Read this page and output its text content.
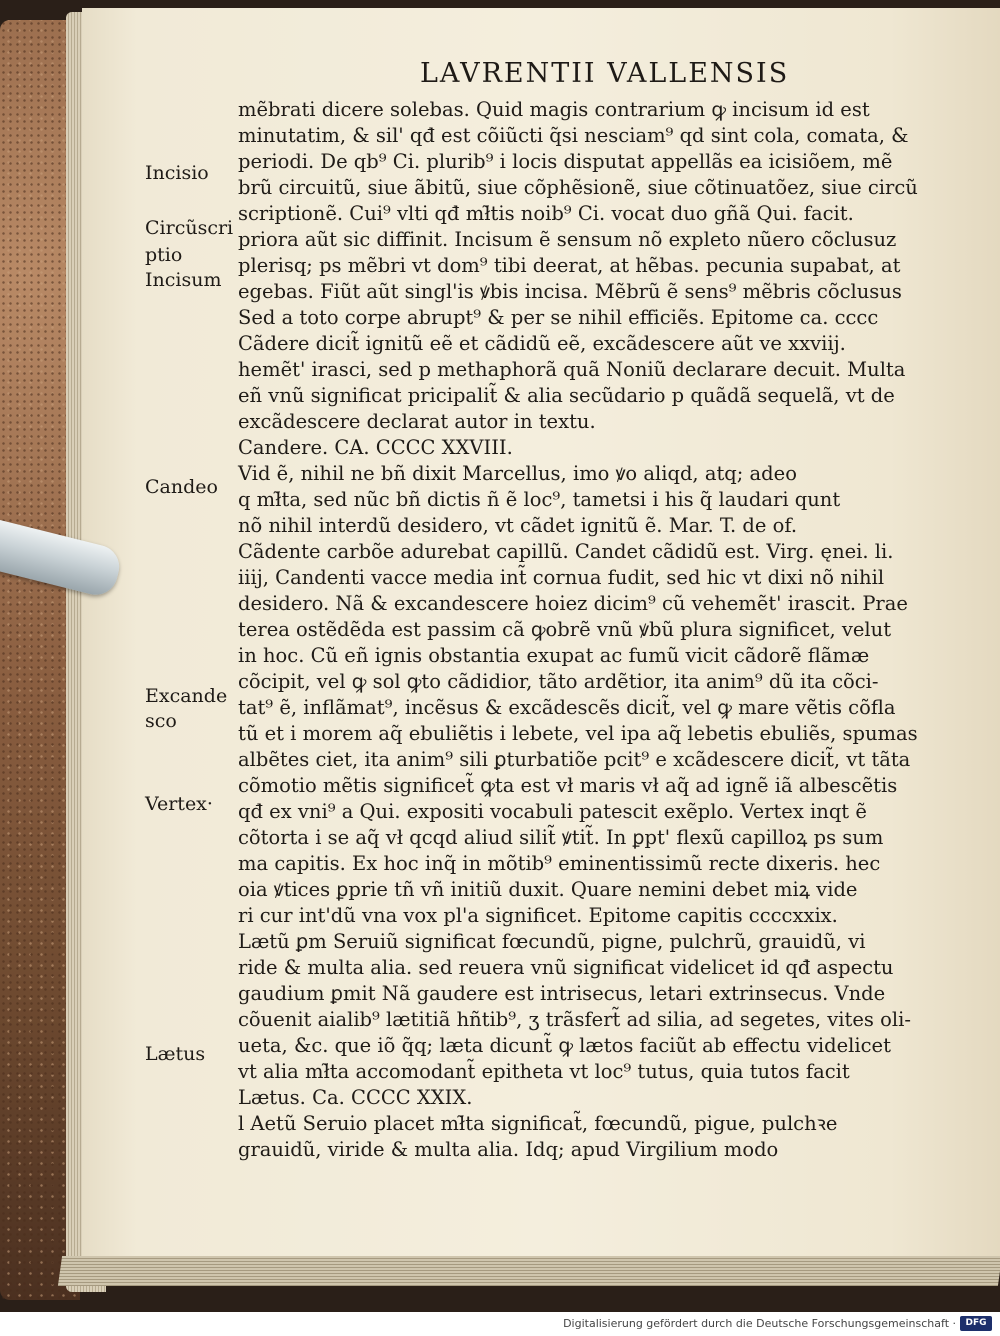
LAVRENTII VALLENSIS
Incisio
Circũscri
ptio
Incisum
Candeo
Excande
sco
Vertex·
Lætus
mẽbrati dicere solebas. Quid magis contrarium ꝙ incisum id est
minutatim, & sil' qđ est cõiũcti q̃si nesciam⁹ qd sint cola, comata, &
periodi. De qb⁹ Ci. plurib⁹ i locis disputat appellãs ea icisiõem, mẽ
brũ circuitũ, siue ãbitũ, siue cõphẽsionẽ, siue cõtinuatõez, siue circũ
scriptionẽ. Cui⁹ vlti qđ mł̃tis noib⁹ Ci. vocat duo gñã Qui. facit.
priora aũt sic diffinit. Incisum ẽ sensum nõ expleto nũero cõclusuz
plerisq; ps mẽbri vt dom⁹ tibi deerat, at hẽbas. pecunia supabat, at
egebas. Fiũt aũt singl'is ꝟbis incisa. Mẽbrũ ẽ sens⁹ mẽbris cõclusus
Sed a toto corpe abrupt⁹ & per se nihil efficiẽs. Epitome ca. cccc
Cãdere dicit̃ ignitũ eẽ et cãdidũ eẽ, excãdescere aũt ve xxviij.
hemẽt' irasci, sed p methaphorã quã Noniũ declarare decuit. Multa
eñ vnũ significat pricipalit̃ & alia secũdario p quãdã sequelã, vt de
excãdescere declarat autor in textu.
Candere. CA. CCCC XXVIII.
Vid ẽ, nihil ne bñ dixit Marcellus, imo ꝟo aliqd, atq; adeo
q mł̃ta, sed nũc bñ dictis ñ ẽ loc⁹, tametsi i his q̃ laudari qunt
nõ nihil interdũ desidero, vt cãdet ignitũ ẽ. Mar. T. de of.
Cãdente carbõe adurebat capillũ. Candet cãdidũ est. Virg. ęnei. li.
iiij, Candenti vacce media int̃ cornua fudit, sed hic vt dixi nõ nihil
desidero. Nã & excandescere hoiez dicim⁹ cũ vehemẽt' irascit. Prae
terea ostẽdẽda est passim cã ꝙobrẽ vnũ ꝟbũ plura significet, velut
in hoc. Cũ eñ ignis obstantia exupat ac fumũ vicit cãdorẽ flãmæ
cõcipit, vel ꝙ sol ꝙto cãdidior, tãto ardẽtior, ita anim⁹ dũ ita cõci-
tat⁹ ẽ, inflãmat⁹, incẽsus & excãdescẽs dicit̃, vel ꝙ mare vẽtis cõfla
tũ et i morem aq̃ ebuliẽtis i lebete, vel ipa aq̃ lebetis ebuliẽs, spumas
albẽtes ciet, ita anim⁹ sili ꝑturbatiõe pcit⁹ e xcãdescere dicit̃, vt tãta
cõmotio mẽtis significet̃ ꝙta est vł maris vł aq̃ ad ignẽ iã albescẽtis
qđ ex vni⁹ a Qui. expositi vocabuli patescit exẽplo. Vertex inqt ẽ
cõtorta i se aq̃ vł qcqd aliud silit̃ ꝟtit̃. In ꝑpt' flexũ capilloꝝ ps sum
ma capitis. Ex hoc inq̃ in mõtib⁹ eminentissimũ recte dixeris. hec
oia ꝟtices ꝑprie tñ vñ initiũ duxit. Quare nemini debet miꝝ vide
ri cur int'dũ vna vox pl'a significet. Epitome capitis ccccxxix.
Lætũ ꝑm Seruiũ significat fœcundũ, pigne, pulchrũ, grauidũ, vi
ride & multa alia. sed reuera vnũ significat videlicet id qđ aspectu
gaudium ꝑmit Nã gaudere est intrisecus, letari extrinsecus. Vnde
cõuenit aialib⁹ lætitiã hñtib⁹, ʒ trãsfert̃ ad silia, ad segetes, vites oli-
ueta, &c. que iõ q̃q; læta dicunt̃ ꝙ lætos faciũt ab effectu videlicet
vt alia mł̃ta accomodant̃ epitheta vt loc⁹ tutus, quia tutos facit
Lætus. Ca. CCCC XXIX.
l Aetũ Seruio placet mł̃ta significat̃, fœcundũ, pigue, pulchꝛe
grauidũ, viride & multa alia. Idq; apud Virgilium modo
Digitalisierung gefördert durch die Deutsche Forschungsgemeinschaft ·	DFG
